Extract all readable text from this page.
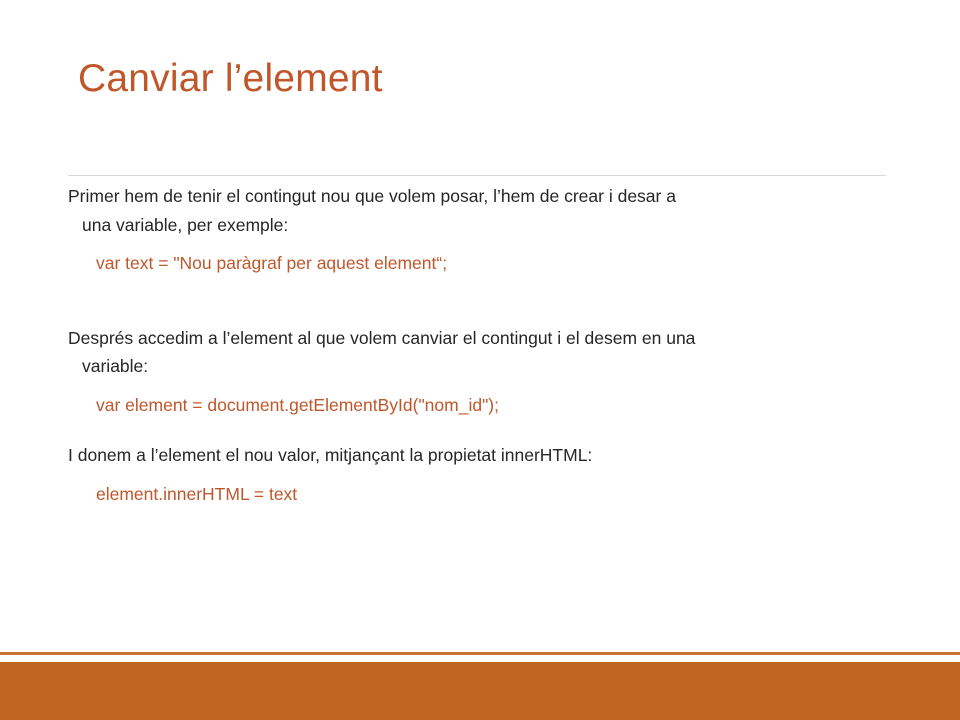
Canviar l’element

Primer hem de tenir el contingut nou que volem posar, l’hem de crear i desar a

una variable, per exemple:

var text = "Nou paràgraf per aquest element“;

Després accedim a l’element al que volem canviar el contingut i el desem en una

variable:

var element = document.getElementById("nom_id");

I donem a l’element el nou valor, mitjançant la propietat innerHTML:

element.innerHTML = text
